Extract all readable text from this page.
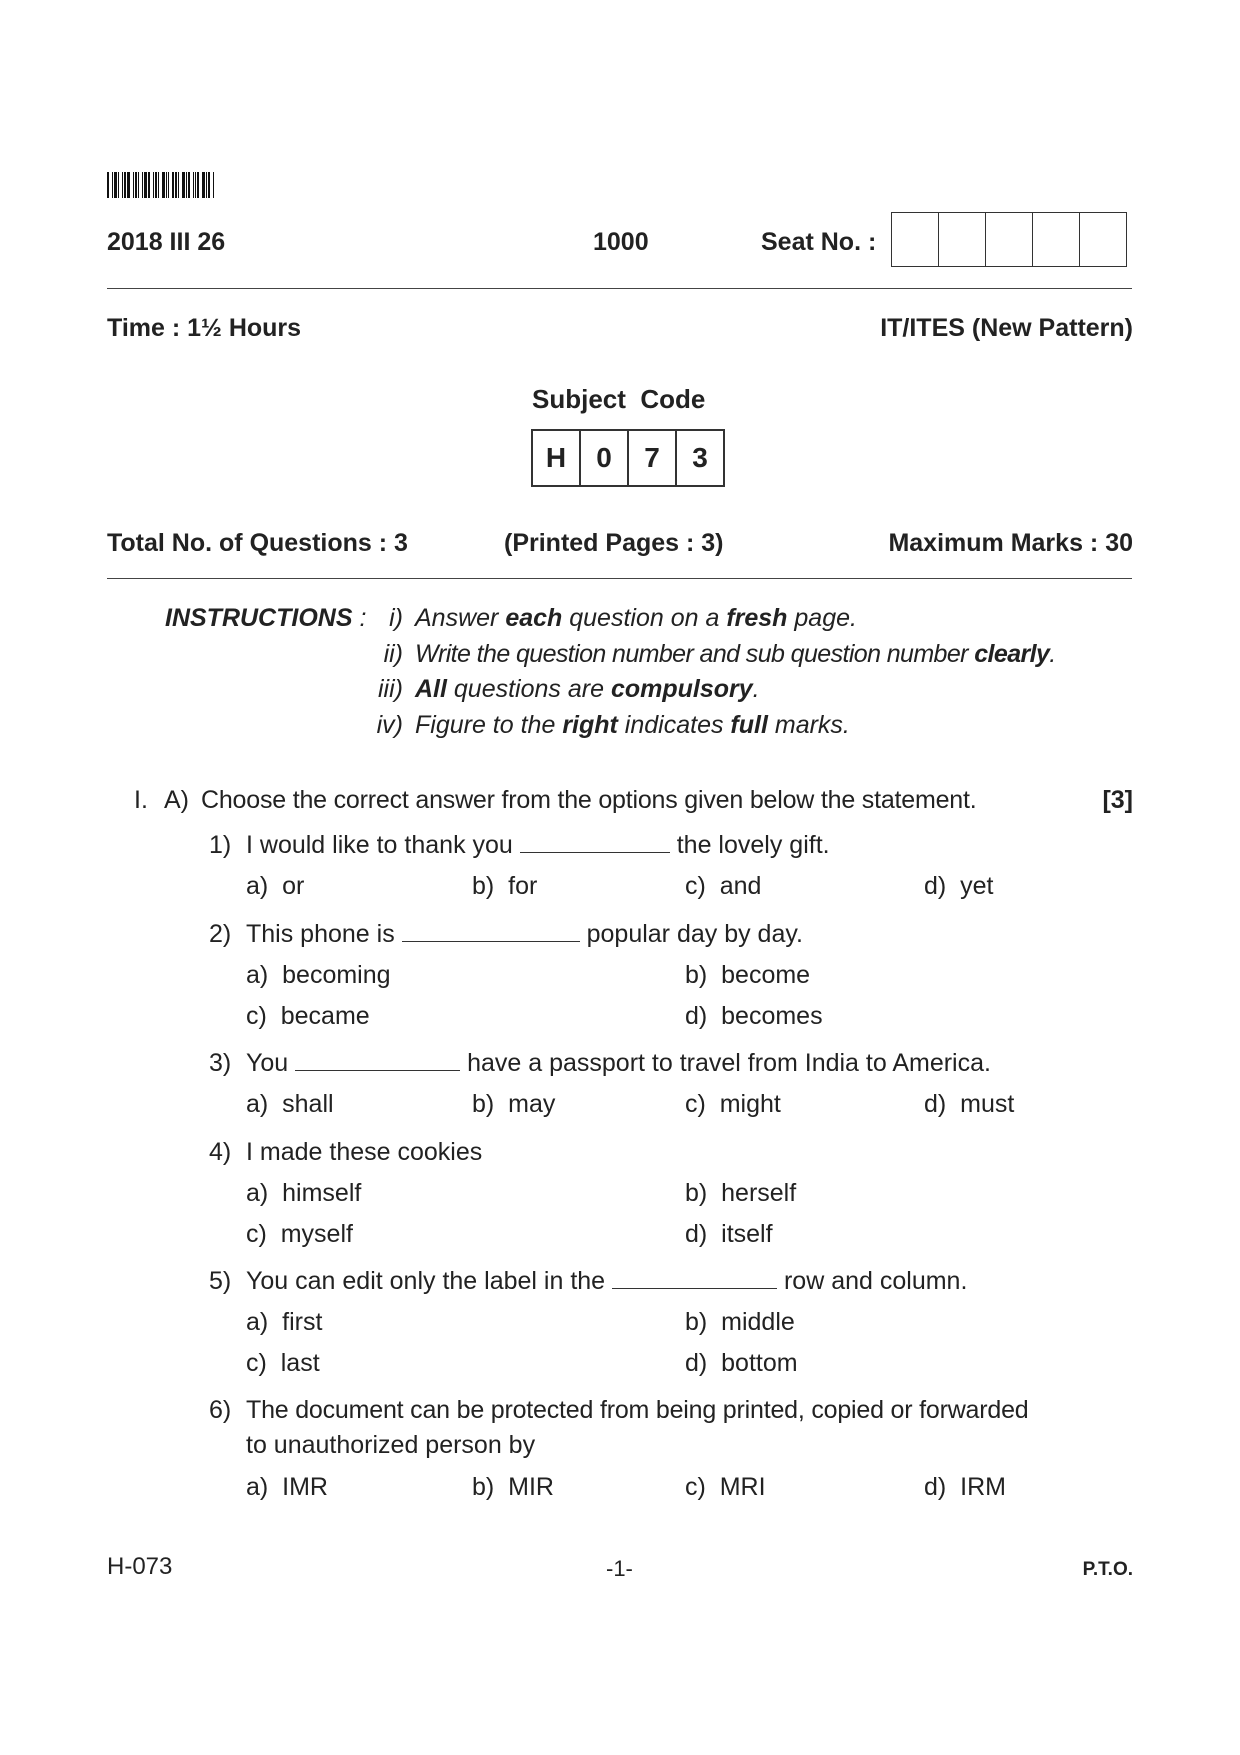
2018 III 26	1000	Seat No. :
Time : 1½ Hours	IT/ITES (New Pattern)
Subject  Code
H	0	7	3
Total No. of Questions : 3	(Printed Pages : 3)	Maximum Marks : 30
INSTRUCTIONS : i) Answer each question on a fresh page.
ii) Write the question number and sub question number clearly.
iii) All questions are compulsory.
iv) Figure to the right indicates full marks.
I. A) Choose the correct answer from the options given below the statement.	[3]
1) I would like to thank you	the lovely gift.
a) or	b) for	c) and	d) yet
2) This phone is	popular day by day.
a) becoming	b) become
c) became	d) becomes
3) You	have a passport to travel from India to America.
a) shall	b) may	c) might	d) must
4) I made these cookies
a) himself	b) herself
c) myself	d) itself
5) You can edit only the label in the	row and column.
a) first	b) middle
c) last	d) bottom
6) The document can be protected from being printed, copied or forwarded
to unauthorized person by
a) IMR	b) MIR	c) MRI	d) IRM
H-073	-1-	P.T.O.
